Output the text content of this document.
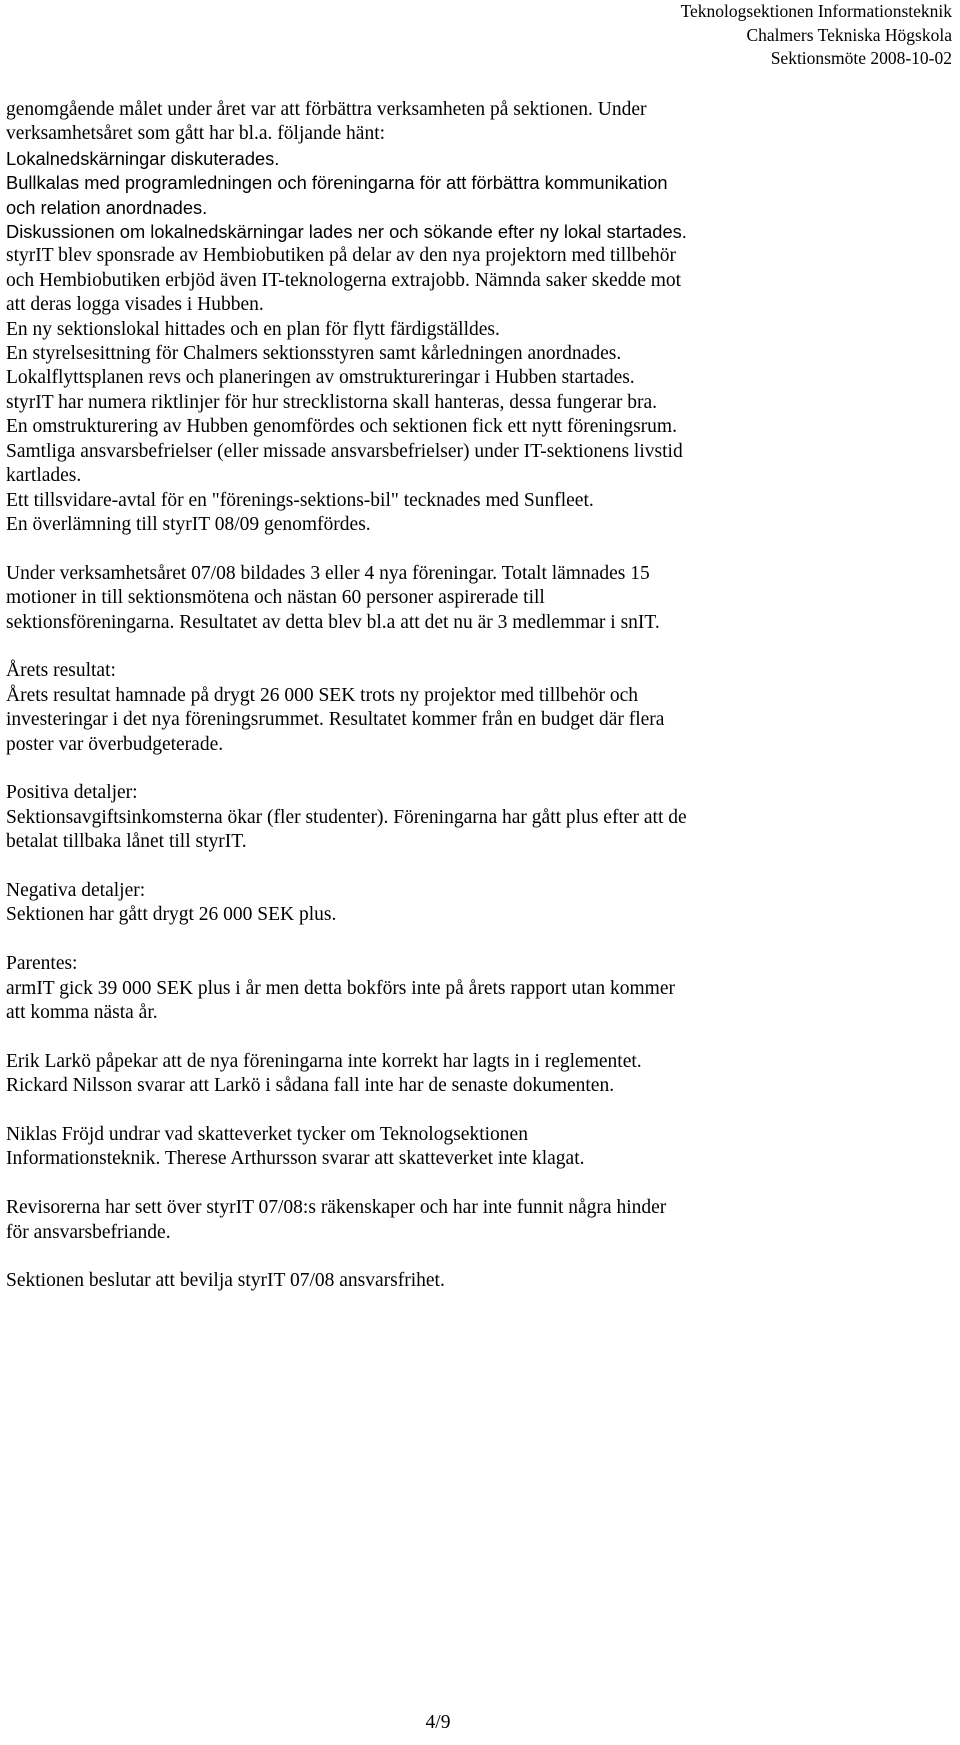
Teknologsektionen Informationsteknik
Chalmers Tekniska Högskola
Sektionsmöte 2008-10-02
genomgående målet under året var att förbättra verksamheten på sektionen. Under
verksamhetsåret som gått har bl.a. följande hänt:
Lokalnedskärningar diskuterades.
Bullkalas med programledningen och föreningarna för att förbättra kommunikation
och relation anordnades.
Diskussionen om lokalnedskärningar lades ner och sökande efter ny lokal startades.
styrIT blev sponsrade av Hembiobutiken på delar av den nya projektorn med tillbehör
och Hembiobutiken erbjöd även IT-teknologerna extrajobb. Nämnda saker skedde mot
att deras logga visades i Hubben.
En ny sektionslokal hittades och en plan för flytt färdigställdes.
En styrelsesittning för Chalmers sektionsstyren samt kårledningen anordnades.
Lokalflyttsplanen revs och planeringen av omstruktureringar i Hubben startades.
styrIT har numera riktlinjer för hur strecklistorna skall hanteras, dessa fungerar bra.
En omstrukturering av Hubben genomfördes och sektionen fick ett nytt föreningsrum.
Samtliga ansvarsbefrielser (eller missade ansvarsbefrielser) under IT-sektionens livstid
kartlades.
Ett tillsvidare-avtal för en "förenings-sektions-bil" tecknades med Sunfleet.
En överlämning till styrIT 08/09 genomfördes.
Under verksamhetsåret 07/08 bildades 3 eller 4 nya föreningar. Totalt lämnades 15
motioner in till sektionsmötena och nästan 60 personer aspirerade till
sektionsföreningarna. Resultatet av detta blev bl.a att det nu är 3 medlemmar i snIT.
Årets resultat:
Årets resultat hamnade på drygt 26 000 SEK trots ny projektor med tillbehör och
investeringar i det nya föreningsrummet. Resultatet kommer från en budget där flera
poster var överbudgeterade.
Positiva detaljer:
Sektionsavgiftsinkomsterna ökar (fler studenter). Föreningarna har gått plus efter att de
betalat tillbaka lånet till styrIT.
Negativa detaljer:
Sektionen har gått drygt 26 000 SEK plus.
Parentes:
armIT gick 39 000 SEK plus i år men detta bokförs inte på årets rapport utan kommer
att komma nästa år.
Erik Larkö påpekar att de nya föreningarna inte korrekt har lagts in i reglementet.
Rickard Nilsson svarar att Larkö i sådana fall inte har de senaste dokumenten.
Niklas Fröjd undrar vad skatteverket tycker om Teknologsektionen
Informationsteknik. Therese Arthursson svarar att skatteverket inte klagat.
Revisorerna har sett över styrIT 07/08:s räkenskaper och har inte funnit några hinder
för ansvarsbefriande.
Sektionen beslutar att bevilja styrIT 07/08 ansvarsfrihet.
4/9
